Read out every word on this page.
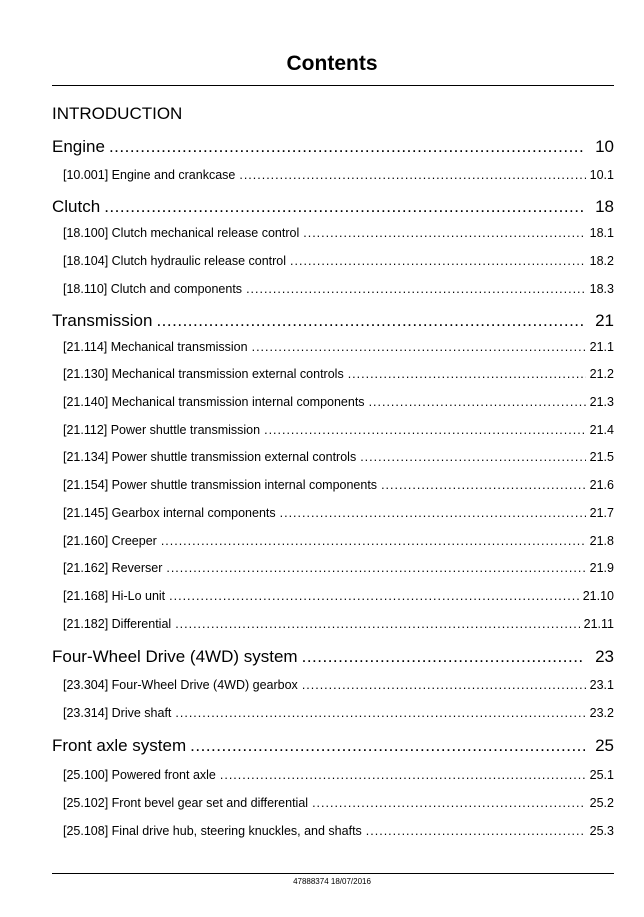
Contents
INTRODUCTION
Engine .....	10
[10.001] Engine and crankcase .....	10.1
Clutch .....	18
[18.100] Clutch mechanical release control .....	18.1
[18.104] Clutch hydraulic release control .....	18.2
[18.110] Clutch and components .....	18.3
Transmission .....	21
[21.114] Mechanical transmission .....	21.1
[21.130] Mechanical transmission external controls .....	21.2
[21.140] Mechanical transmission internal components .....	21.3
[21.112] Power shuttle transmission .....	21.4
[21.134] Power shuttle transmission external controls .....	21.5
[21.154] Power shuttle transmission internal components .....	21.6
[21.145] Gearbox internal components .....	21.7
[21.160] Creeper .....	21.8
[21.162] Reverser .....	21.9
[21.168] Hi-Lo unit .....	21.10
[21.182] Differential .....	21.11
Four-Wheel Drive (4WD) system .....	23
[23.304] Four-Wheel Drive (4WD) gearbox .....	23.1
[23.314] Drive shaft .....	23.2
Front axle system .....	25
[25.100] Powered front axle .....	25.1
[25.102] Front bevel gear set and differential .....	25.2
[25.108] Final drive hub, steering knuckles, and shafts .....	25.3
47888374 18/07/2016
